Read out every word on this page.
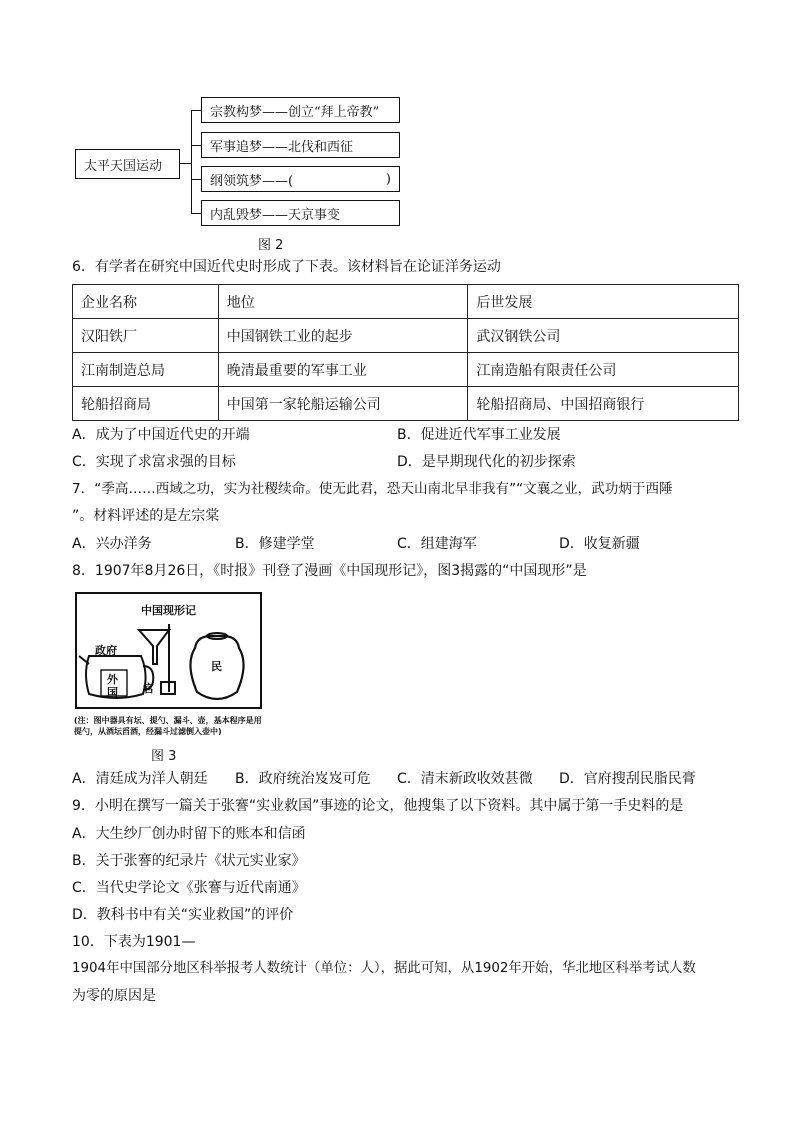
太平天国运动
宗教构梦——创立“拜上帝教”
军事追梦——北伐和西征
纲领筑梦——(	)
内乱毁梦——天京事变
图 2
6．有学者在研究中国近代史时形成了下表。该材料旨在论证洋务运动
企业名称	地位	后世发展
汉阳铁厂	中国钢铁工业的起步	武汉钢铁公司
江南制造总局	晚清最重要的军事工业	江南造船有限责任公司
轮船招商局	中国第一家轮船运输公司	轮船招商局、中国招商银行
A．成为了中国近代史的开端	B．促进近代军事工业发展
C．实现了求富求强的目标	D．是早期现代化的初步探索
7．“季高……西域之功，实为社稷续命。使无此君，恐天山南北早非我有”“文襄之业，武功炳于西陲
”。材料评述的是左宗棠
A．兴办洋务	B．修建学堂	C．组建海军	D．收复新疆
8．1907年8月26日，《时报》刊登了漫画《中国现形记》，图3揭露的“中国现形”是
中国现形记
政府
外
国 官
民
(注：图中器具有坛、提勺、漏斗、壶，基本程序是用
提勺，从酒坛舀酒，经漏斗过滤倒入壶中)
图 3
A．清廷成为洋人朝廷 B．政府统治岌岌可危 C．清末新政收效甚微 D．官府搜刮民脂民膏
9．小明在撰写一篇关于张謇“实业救国”事迹的论文，他搜集了以下资料。其中属于第一手史料的是
A．大生纱厂创办时留下的账本和信函
B．关于张謇的纪录片《状元实业家》
C．当代史学论文《张謇与近代南通》
D．教科书中有关“实业救国”的评价
10．下表为1901—
1904年中国部分地区科举报考人数统计（单位：人），据此可知，从1902年开始，华北地区科举考试人数
为零的原因是
